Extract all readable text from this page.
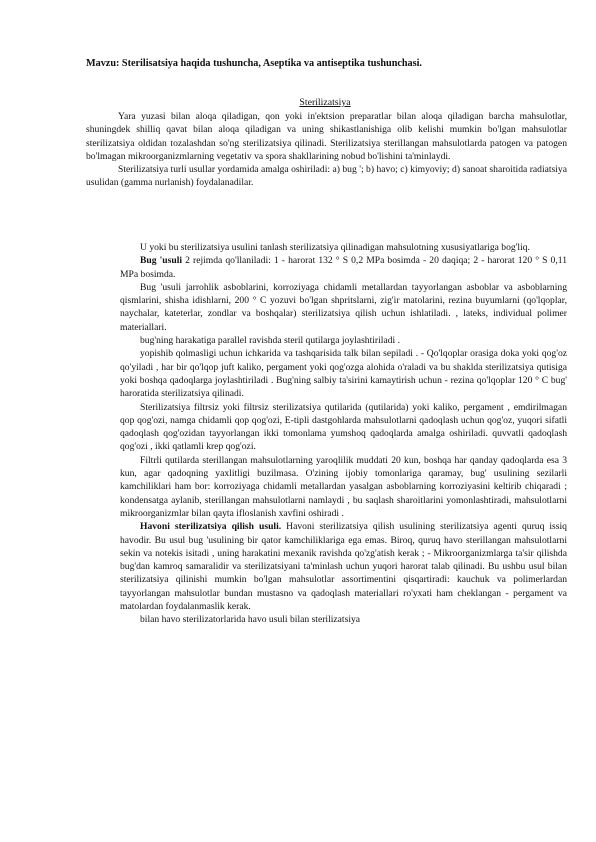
Mavzu: Sterilisatsiya haqida tushuncha, Aseptika va antiseptika tushunchasi.
Sterilizatsiya

Yara yuzasi bilan aloqa qiladigan, qon yoki in'ektsion preparatlar bilan aloqa qiladigan barcha mahsulotlar, shuningdek shilliq qavat bilan aloqa qiladigan va uning shikastlanishiga olib kelishi mumkin bo'lgan mahsulotlar sterilizatsiya oldidan tozalashdan so'ng sterilizatsiya qilinadi. Sterilizatsiya sterillangan mahsulotlarda patogen va patogen bo'lmagan mikroorganizmlarning vegetativ va spora shakllarining nobud bo'lishini ta'minlaydi.

Sterilizatsiya turli usullar yordamida amalga oshiriladi: a) bug '; b) havo; c) kimyoviy; d) sanoat sharoitida radiatsiya usulidan (gamma nurlanish) foydalanadilar.

U yoki bu sterilizatsiya usulini tanlash sterilizatsiya qilinadigan mahsulotning xususiyatlariga bog'liq.

Bug 'usuli 2 rejimda qo'llaniladi: 1 - harorat 132 ° S 0,2 MPa bosimda - 20 daqiqa; 2 - harorat 120 ° S 0,11 MPa bosimda.

Bug 'usuli jarrohlik asboblarini, korroziyaga chidamli metallardan tayyorlangan asboblar va asboblarning qismlarini, shisha idishlarni, 200 ° C yozuvi bo'lgan shpritslarni, zig'ir matolarini, rezina buyumlarni (qo'lqoplar, naychalar, kateterlar, zondlar va boshqalar) sterilizatsiya qilish uchun ishlatiladi. , lateks, individual polimer materiallari.

bug'ning harakatiga parallel ravishda steril qutilarga joylashtiriladi .

yopishib qolmasligi uchun ichkarida va tashqarisida talk bilan sepiladi . - Qo'lqoplar orasiga doka yoki qog'oz qo'yiladi , har bir qo'lqop juft kaliko, pergament yoki qog'ozga alohida o'raladi va bu shaklda sterilizatsiya qutisiga yoki boshqa qadoqlarga joylashtiriladi . Bug'ning salbiy ta'sirini kamaytirish uchun - rezina qo'lqoplar 120 ° C bug' haroratida sterilizatsiya qilinadi.

Sterilizatsiya filtrsiz yoki filtrsiz sterilizatsiya qutilarida (qutilarida) yoki kaliko, pergament , emdirilmagan qop qog'ozi, namga chidamli qop qog'ozi, E-tipli dastgohlarda mahsulotlarni qadoqlash uchun qog'oz, yuqori sifatli qadoqlash qog'ozidan tayyorlangan ikki tomonlama yumshoq qadoqlarda amalga oshiriladi. quvvatli qadoqlash qog'ozi , ikki qatlamli krep qog'ozi.

Filtrli qutilarda sterillangan mahsulotlarning yaroqlilik muddati 20 kun, boshqa har qanday qadoqlarda esa 3 kun, agar qadoqning yaxlitligi buzilmasa. O'zining ijobiy tomonlariga qaramay, bug' usulining sezilarli kamchiliklari ham bor: korroziyaga chidamli metallardan yasalgan asboblarning korroziyasini keltirib chiqaradi ; kondensatga aylanib, sterillangan mahsulotlarni namlaydi , bu saqlash sharoitlarini yomonlashtiradi, mahsulotlarni mikroorganizmlar bilan qayta ifloslanish xavfini oshiradi .

Havoni sterilizatsiya qilish usuli. Havoni sterilizatsiya qilish usulining sterilizatsiya agenti quruq issiq havodir. Bu usul bug 'usulining bir qator kamchiliklariga ega emas. Biroq, quruq havo sterillangan mahsulotlarni sekin va notekis isitadi , uning harakatini mexanik ravishda qo'zg'atish kerak ; - Mikroorganizmlarga ta'sir qilishda bug'dan kamroq samaralidir va sterilizatsiyani ta'minlash uchun yuqori harorat talab qilinadi. Bu ushbu usul bilan sterilizatsiya qilinishi mumkin bo'lgan mahsulotlar assortimentini qisqartiradi: kauchuk va polimerlardan tayyorlangan mahsulotlar bundan mustasno va qadoqlash materiallari ro'yxati ham cheklangan - pergament va matolardan foydalanmaslik kerak.

bilan havo sterilizatorlarida havo usuli bilan sterilizatsiya
